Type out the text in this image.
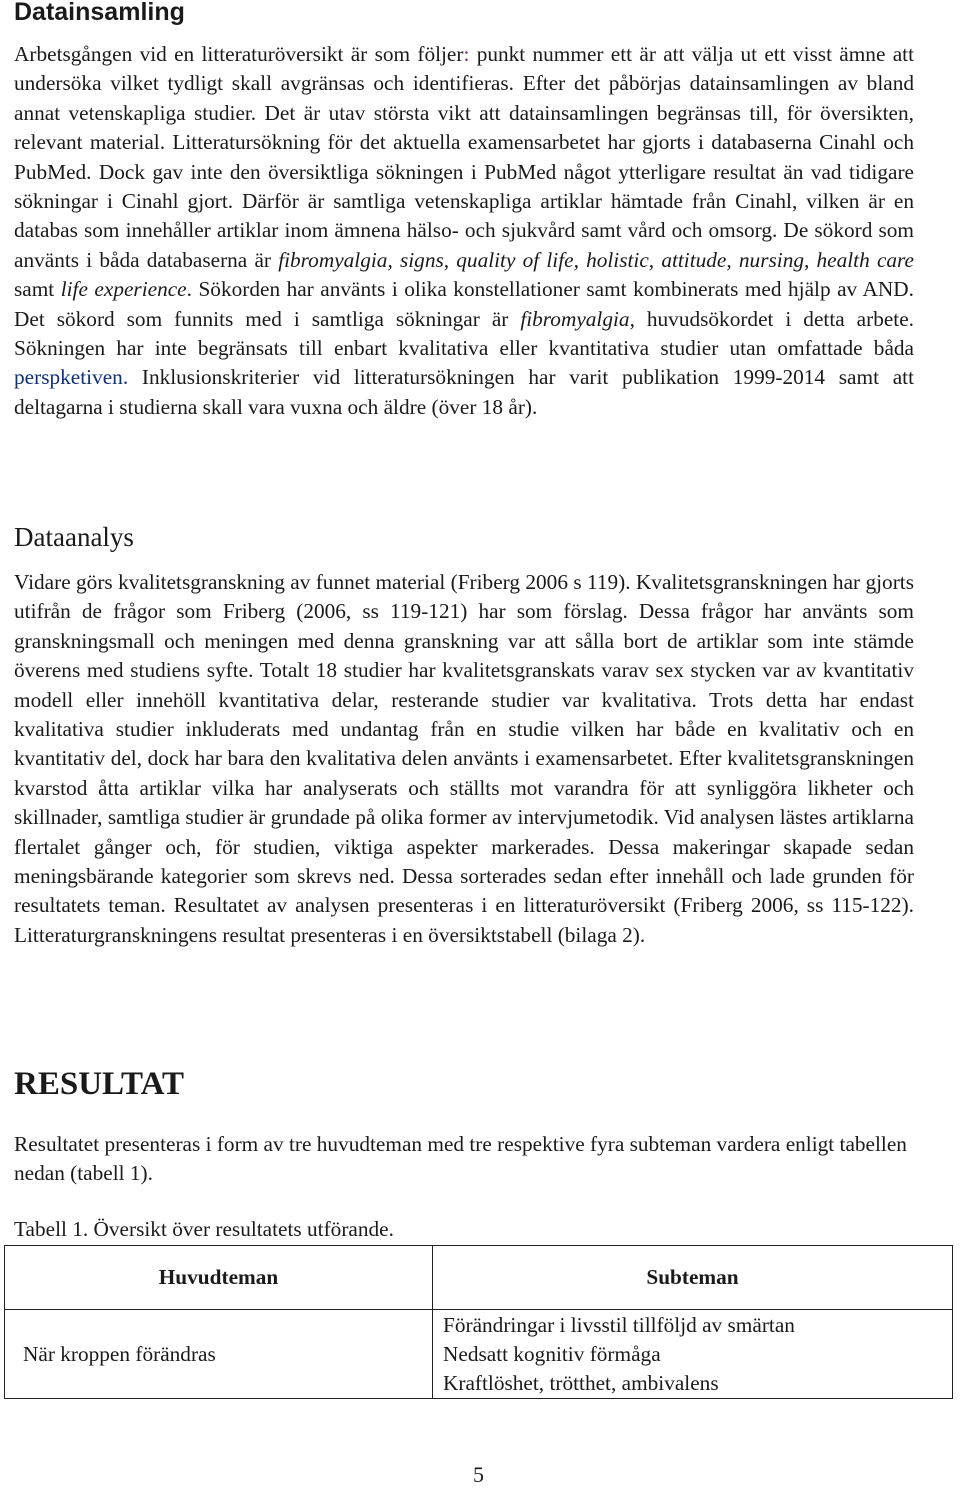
Datainsamling

Arbetsgången vid en litteraturöversikt är som följer: punkt nummer ett är att välja ut ett visst ämne att undersöka vilket tydligt skall avgränsas och identifieras. Efter det påbörjas datainsamlingen av bland annat vetenskapliga studier. Det är utav största vikt att datainsamlingen begränsas till, för översikten, relevant material. Litteratursökning för det aktuella examensarbetet har gjorts i databaserna Cinahl och PubMed. Dock gav inte den översiktliga sökningen i PubMed något ytterligare resultat än vad tidigare sökningar i Cinahl gjort. Därför är samtliga vetenskapliga artiklar hämtade från Cinahl, vilken är en databas som innehåller artiklar inom ämnena hälso- och sjukvård samt vård och omsorg. De sökord som använts i båda databaserna är fibromyalgia, signs, quality of life, holistic, attitude, nursing, health care samt life experience. Sökorden har använts i olika konstellationer samt kombinerats med hjälp av AND. Det sökord som funnits med i samtliga sökningar är fibromyalgia, huvudsökordet i detta arbete. Sökningen har inte begränsats till enbart kvalitativa eller kvantitativa studier utan omfattade båda perspketiven. Inklusionskriterier vid litteratursökningen har varit publikation 1999-2014 samt att deltagarna i studierna skall vara vuxna och äldre (över 18 år).

Dataanalys

Vidare görs kvalitetsgranskning av funnet material (Friberg 2006 s 119). Kvalitetsgranskningen har gjorts utifrån de frågor som Friberg (2006, ss 119-121) har som förslag. Dessa frågor har använts som granskningsmall och meningen med denna granskning var att sålla bort de artiklar som inte stämde överens med studiens syfte. Totalt 18 studier har kvalitetsgranskats varav sex stycken var av kvantitativ modell eller innehöll kvantitativa delar, resterande studier var kvalitativa. Trots detta har endast kvalitativa studier inkluderats med undantag från en studie vilken har både en kvalitativ och en kvantitativ del, dock har bara den kvalitativa delen använts i examensarbetet. Efter kvalitetsgranskningen kvarstod åtta artiklar vilka har analyserats och ställts mot varandra för att synliggöra likheter och skillnader, samtliga studier är grundade på olika former av intervjumetodik. Vid analysen lästes artiklarna flertalet gånger och, för studien, viktiga aspekter markerades. Dessa makeringar skapade sedan meningsbärande kategorier som skrevs ned. Dessa sorterades sedan efter innehåll och lade grunden för resultatets teman. Resultatet av analysen presenteras i en litteraturöversikt (Friberg 2006, ss 115-122). Litteraturgranskningens resultat presenteras i en översiktstabell (bilaga 2).

RESULTAT

Resultatet presenteras i form av tre huvudteman med tre respektive fyra subteman vardera enligt tabellen nedan (tabell 1).

Tabell 1. Översikt över resultatets utförande.

Huvudteman	Subteman
När kroppen förändras	Förändringar i livsstil tillföljd av smärtan
Nedsatt kognitiv förmåga
Kraftlöshet, trötthet, ambivalens
5
